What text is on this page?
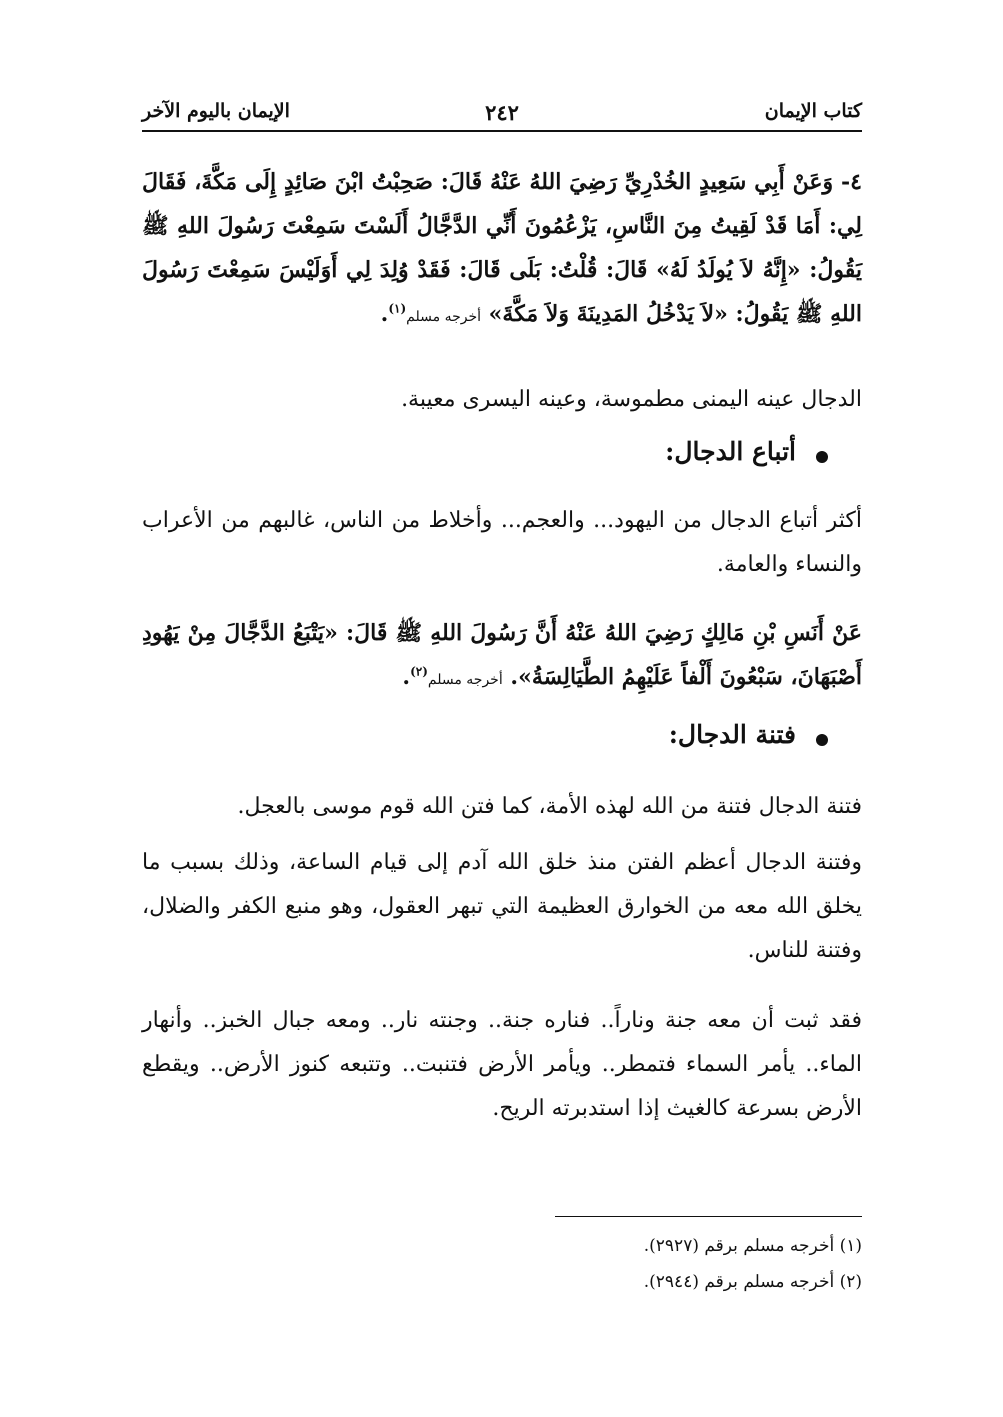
كتاب الإيمان
٢٤٢
الإيمان باليوم الآخر
٤- وَعَنْ أَبِي سَعِيدٍ الخُدْرِيِّ رَضِيَ اللهُ عَنْهُ قَالَ: صَحِبْتُ ابْنَ صَائِدٍ إِلَى مَكَّةَ، فَقَالَ لِي: أَمَا قَدْ لَقِيتُ مِنَ النَّاسِ، يَزْعُمُونَ أَنِّي الدَّجَّالُ أَلَسْتَ سَمِعْتَ رَسُولَ اللهِ ﷺ يَقُولُ: «إِنَّهُ لاَ يُولَدُ لَهُ» قَالَ: قُلْتُ: بَلَى قَالَ: فَقَدْ وُلِدَ لِي أَوَلَيْسَ سَمِعْتَ رَسُولَ اللهِ ﷺ يَقُولُ: «لاَ يَدْخُلُ المَدِينَةَ وَلاَ مَكَّةَ» أخرجه مسلم$^{(١)}$.
الدجال عينه اليمنى مطموسة، وعينه اليسرى معيبة.
أتباع الدجال:
أكثر أتباع الدجال من اليهود... والعجم... وأخلاط من الناس، غالبهم من الأعراب والنساء والعامة.
عَنْ أَنَسِ بْنِ مَالِكٍ رَضِيَ اللهُ عَنْهُ أَنَّ رَسُولَ اللهِ ﷺ قَالَ: «يَتْبَعُ الدَّجَّالَ مِنْ يَهُودِ أَصْبَهَانَ، سَبْعُونَ أَلْفاً عَلَيْهِمُ الطَّيَالِسَةُ». أخرجه مسلم$^{(٢)}$.
فتنة الدجال:
فتنة الدجال فتنة من الله لهذه الأمة، كما فتن الله قوم موسى بالعجل.
وفتنة الدجال أعظم الفتن منذ خلق الله آدم إلى قيام الساعة، وذلك بسبب ما يخلق الله معه من الخوارق العظيمة التي تبهر العقول، وهو منبع الكفر والضلال، وفتنة للناس.
فقد ثبت أن معه جنة وناراً.. فناره جنة.. وجنته نار.. ومعه جبال الخبز.. وأنهار الماء.. يأمر السماء فتمطر.. ويأمر الأرض فتنبت.. وتتبعه كنوز الأرض.. ويقطع الأرض بسرعة كالغيث إذا استدبرته الريح.
(١) أخرجه مسلم برقم (٢٩٢٧).
(٢) أخرجه مسلم برقم (٢٩٤٤).
